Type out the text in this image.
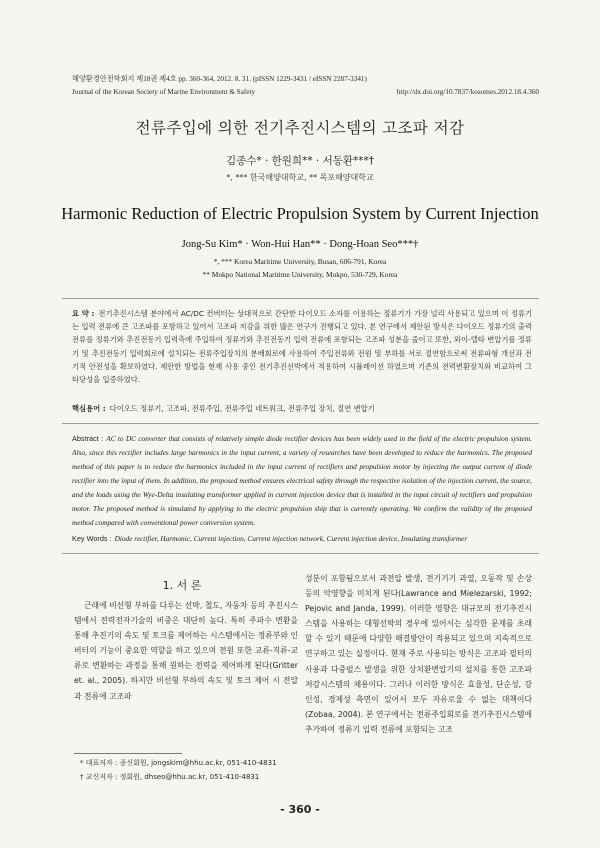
해양환경안전학회지 제18권 제4호 pp. 360-364, 2012. 8. 31. (pISSN 1229-3431 / eISSN 2287-3341)
Journal of the Korean Society of Marine Environment & Safety	http://dx.doi.org/10.7837/kosomes.2012.18.4.360
전류주입에 의한 전기추진시스템의 고조파 저감
김종수* · 한원희** · 서동환***†
*, *** 한국해양대학교, ** 목포해양대학교
Harmonic Reduction of Electric Propulsion System by Current Injection
Jong-Su Kim* · Won-Hui Han** · Dong-Hoan Seo***†
*, *** Korea Maritime University, Busan, 606-791, Korea
** Mokpo National Maritime University, Mokpo, 530-729, Korea
요 약 : 전기추진시스템 분야에서 AC/DC 컨버터는 상대적으로 간단한 다이오드 소자를 이용하는 정류기가 가장 널리 사용되고 있으며 이 정류기는 입력 전류에 큰 고조파를 포함하고 있어서 고조파 저감을 위한 많은 연구가 진행되고 있다. 본 연구에서 제안된 방식은 다이오드 정류기의 출력 전류를 정류기와 추진전동기 입력측에 주입하여 정류기와 추진전동기 입력 전류에 포함되는 고조파 성분을 줄이고 또한, 와이-델타 변압기를 정류기 및 추진전동기 입력회로에 설치되는 전류주입장치의 분배회로에 사용하여 주입전류와 전원 및 부하를 서로 절연함으로써 전류파형 개선과 전기적 안전성을 확보하였다. 제안한 방법을 현재 사용 중인 전기추진선박에서 적용하여 시뮬레이션 하였으며 기존의 전력변환장치와 비교하여 그 타당성을 입증하였다.
핵심용어 : 다이오드 정류기, 고조파, 전류주입, 전류주입 네트워크, 전류주입 장치, 절연 변압기
Abstract : AC to DC converter that consists of relatively simple diode rectifier devices has been widely used in the field of the electric propulsion system. Also, since this rectifier includes large harmonics in the input current, a variety of researches have been developed to reduce the harmonics. The proposed method of this paper is to reduce the harmonics included in the input current of rectifiers and propulsion motor by injecting the output current of diode rectifier into the input of them. In addition, the proposed method ensures electrical safety through the respective isolation of the injection current, the source, and the loads using the Wye-Delta insulating transformer applied in current injection device that is installed in the input circuit of rectifiers and propulsion motor. The proposed method is simulated by applying to the electric propulsion ship that is currently operating. We confirm the validity of the proposed method compared with conventional power conversion system.
Key Words : Diode rectifier, Harmonic, Current injection, Current injection network, Current injection device, Insulating transformer
1. 서 론
근래에 비선형 부하를 다루는 선박, 철도, 자동차 등의 추진시스템에서 전력전자기술의 비중은 대단히 높다. 특히 주파수 변환을 통해 추진기의 속도 및 토크를 제어하는 시스템에서는 정류부와 인버터의 기능이 중요한 역할을 하고 있으며 전원 또한 교류-직류-교류로 변환하는 과정을 통해 원하는 전력을 제어하게 된다(Gritter et. al., 2005). 하지만 비선형 부하의 속도 및 토크 제어 시 전압과 전류에 고조파
성분이 포함됨으로서 과전압 발생, 전기기기 과열, 오동작 및 손상 등의 악영향을 미치게 된다(Lawrance and Mielezarski, 1992; Pejovic and Janda, 1999). 이러한 영향은 대규모의 전기추진시스템을 사용하는 대형선박의 경우에 있어서는 심각한 문제를 초래할 수 있기 때문에 다양한 해결방안이 적용되고 있으며 지속적으로 연구하고 있는 실정이다. 현재 주로 사용되는 방식은 고조파 필터의 사용과 다중펄스 발생을 위한 상치환변압기의 설치를 통한 고조파 저감시스템의 채용이다. 그러나 이러한 방식은 효율성, 단순성, 강인성, 경제성 측면이 있어서 모두 자유로울 수 없는 대책이다(Zobaa, 2004). 본 연구에서는 전류주입회로를 전기추진시스템에 추가하여 정류기 입력 전류에 포함되는 고조
* 대표저자 : 종신회원, jongskim@hhu.ac.kr, 051-410-4831
† 교신저자 : 정회원, dhseo@hhu.ac.kr, 051-410-4831
- 360 -
